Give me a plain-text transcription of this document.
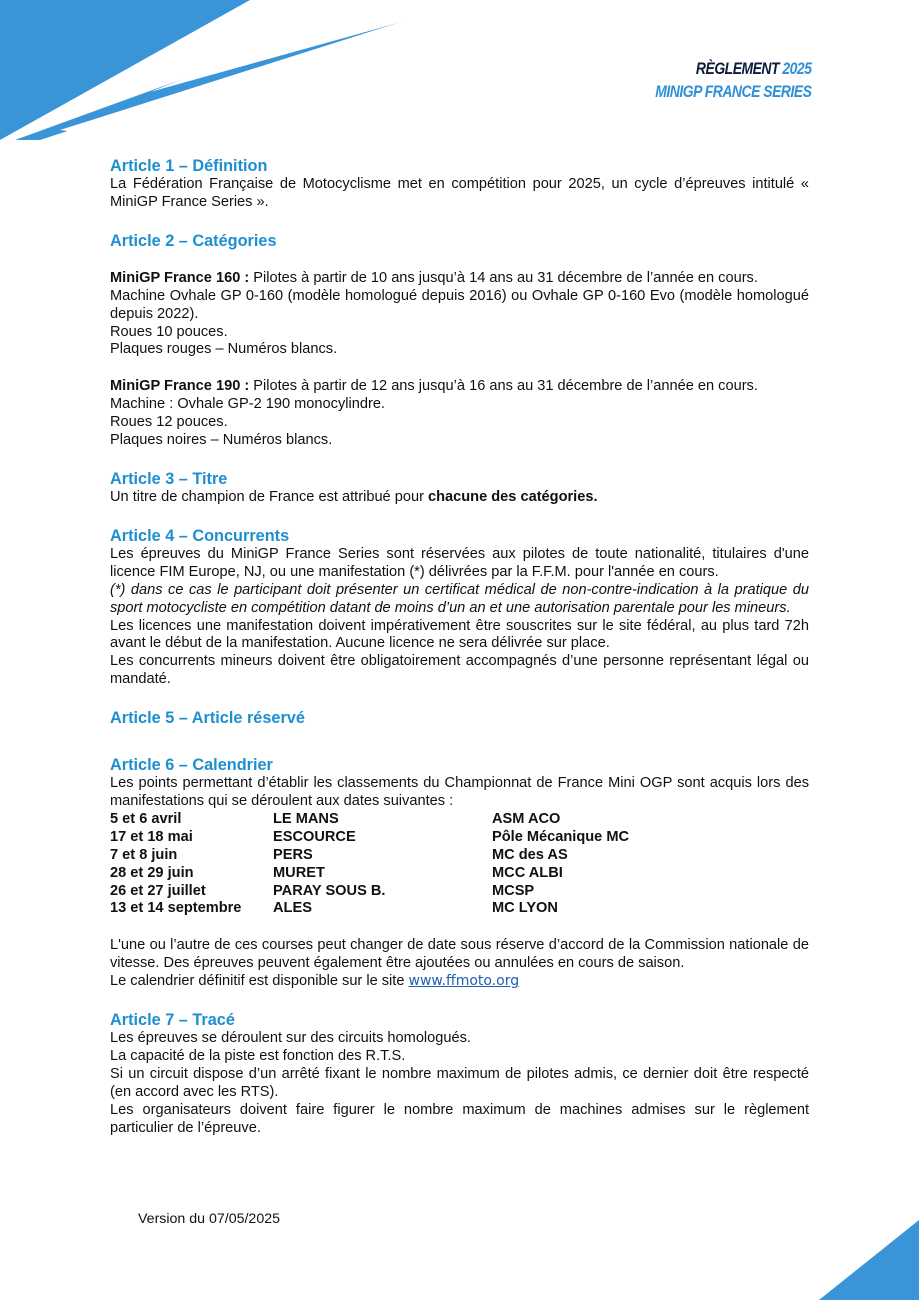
RÈGLEMENT 2025
MINIGP FRANCE SERIES
Article 1 – Définition

La Fédération Française de Motocyclisme met en compétition pour 2025, un cycle d’épreuves intitulé « MiniGP France Series ».

Article 2 – Catégories

MiniGP France 160 : Pilotes à partir de 10 ans jusqu’à 14 ans au 31 décembre de l’année en cours.

Machine Ovhale GP 0-160 (modèle homologué depuis 2016) ou Ovhale GP 0-160 Evo (modèle homologué depuis 2022).

Roues 10 pouces.

Plaques rouges – Numéros blancs.

MiniGP France 190 : Pilotes à partir de 12 ans jusqu’à 16 ans au 31 décembre de l’année en cours.

Machine : Ovhale GP-2 190 monocylindre.

Roues 12 pouces.

Plaques noires – Numéros blancs.

Article 3 – Titre

Un titre de champion de France est attribué pour chacune des catégories.

Article 4 – Concurrents

Les épreuves du MiniGP France Series sont réservées aux pilotes de toute nationalité, titulaires d'une licence FIM Europe, NJ, ou une manifestation (*) délivrées par la F.F.M. pour l'année en cours.

(*) dans ce cas le participant doit présenter un certificat médical de non-contre-indication à la pratique du sport motocycliste en compétition datant de moins d’un an et une autorisation parentale pour les mineurs.

Les licences une manifestation doivent impérativement être souscrites sur le site fédéral, au plus tard 72h avant le début de la manifestation. Aucune licence ne sera délivrée sur place.

Les concurrents mineurs doivent être obligatoirement accompagnés d’une personne représentant légal ou mandaté.

Article 5 – Article réservé
Article 6 – Calendrier

Les points permettant d’établir les classements du Championnat de France Mini OGP sont acquis lors des manifestations qui se déroulent aux dates suivantes :

5 et 6 avril	LE MANS	ASM ACO
17 et 18 mai	ESCOURCE	Pôle Mécanique MC
7 et 8 juin	PERS	MC des AS
28 et 29 juin	MURET	MCC ALBI
26 et 27 juillet	PARAY SOUS B.	MCSP
13 et 14 septembre	ALES	MC LYON

L'une ou l’autre de ces courses peut changer de date sous réserve d’accord de la Commission nationale de vitesse. Des épreuves peuvent également être ajoutées ou annulées en cours de saison.

Le calendrier définitif est disponible sur le site www.ffmoto.org

Article 7 – Tracé

Les épreuves se déroulent sur des circuits homologués.

La capacité de la piste est fonction des R.T.S.

Si un circuit dispose d’un arrêté fixant le nombre maximum de pilotes admis, ce dernier doit être respecté (en accord avec les RTS).

Les organisateurs doivent faire figurer le nombre maximum de machines admises sur le règlement particulier de l’épreuve.

Version du 07/05/2025
